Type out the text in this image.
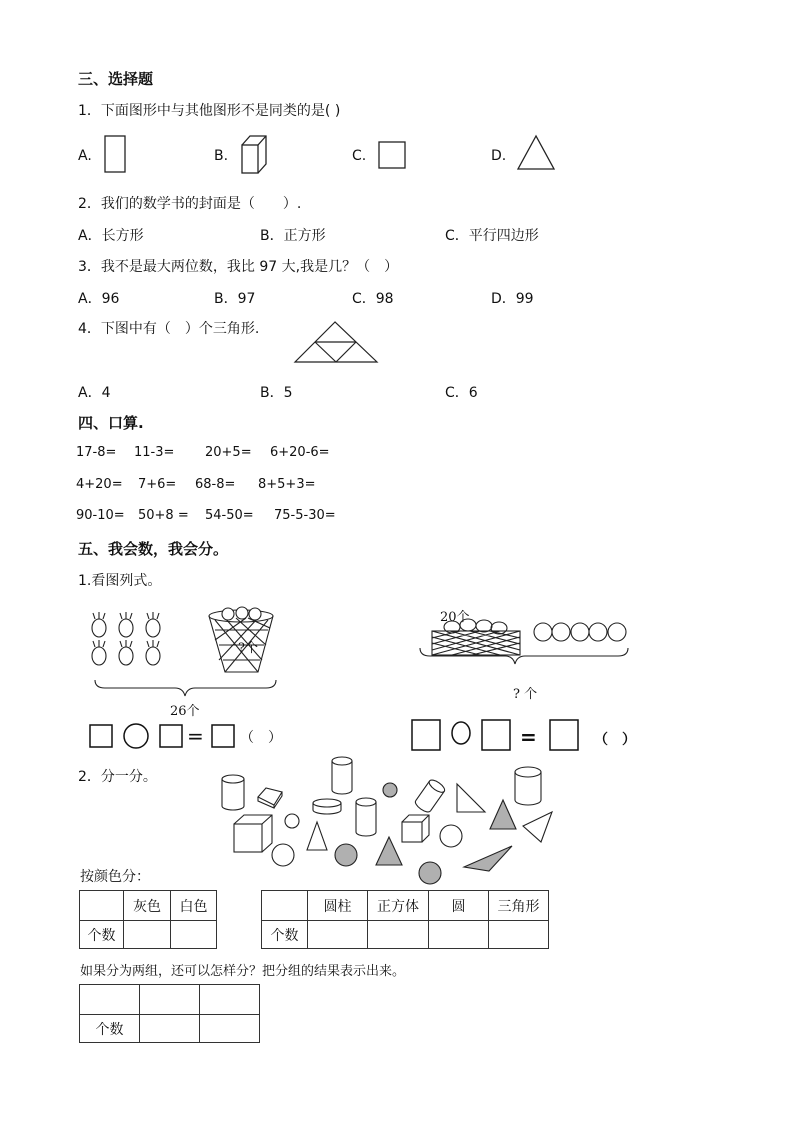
三、选择题
1．下面图形中与其他图形不是同类的是( )
A.	B.	C.	D.
2．我们的数学书的封面是（　　）.
A．长方形	B．正方形	C．平行四边形
3．我不是最大两位数，我比 97 大,我是几？（　）
A．96	B．97	C．98	D．99
4．下图中有（　）个三角形.
A．4	B．5	C．6
四、口算.
17-8= 11-3= 20+5= 6+20-6=
4+20= 7+6= 68-8= 8+5+3=
90-10= 50+8 = 54-50= 75-5-30=
五、我会数，我会分。
1.看图列式。
?个
26个
20个
? 个
=	（　）	=	（　）
2．分一分。
按颜色分：
	灰色	白色
个数		
	圆柱	正方体	圆	三角形
个数				
如果分为两组，还可以怎样分？把分组的结果表示出来。

个数		
